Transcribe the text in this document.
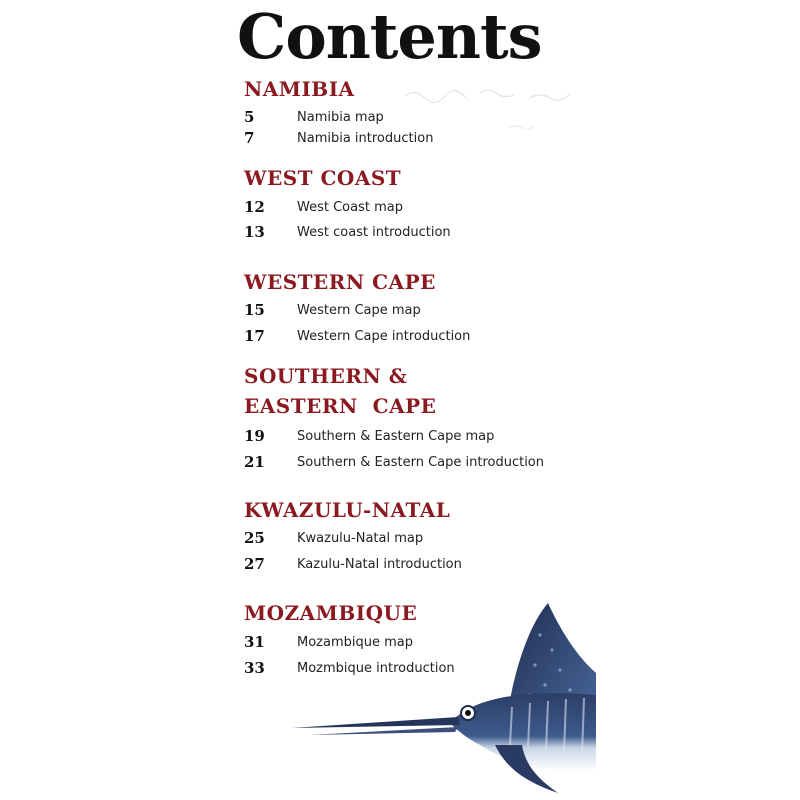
Contents
NAMIBIA
5	Namibia map
7	Namibia introduction
WEST COAST
12 West Coast map
13 West coast introduction
WESTERN CAPE
15 Western Cape map
17 Western Cape introduction
SOUTHERN &
EASTERN  CAPE
19 Southern & Eastern Cape map
21 Southern & Eastern Cape introduction
KWAZULU-NATAL
25 Kwazulu-Natal map
27 Kazulu-Natal introduction
MOZAMBIQUE
31 Mozambique map
33 Mozmbique introduction
